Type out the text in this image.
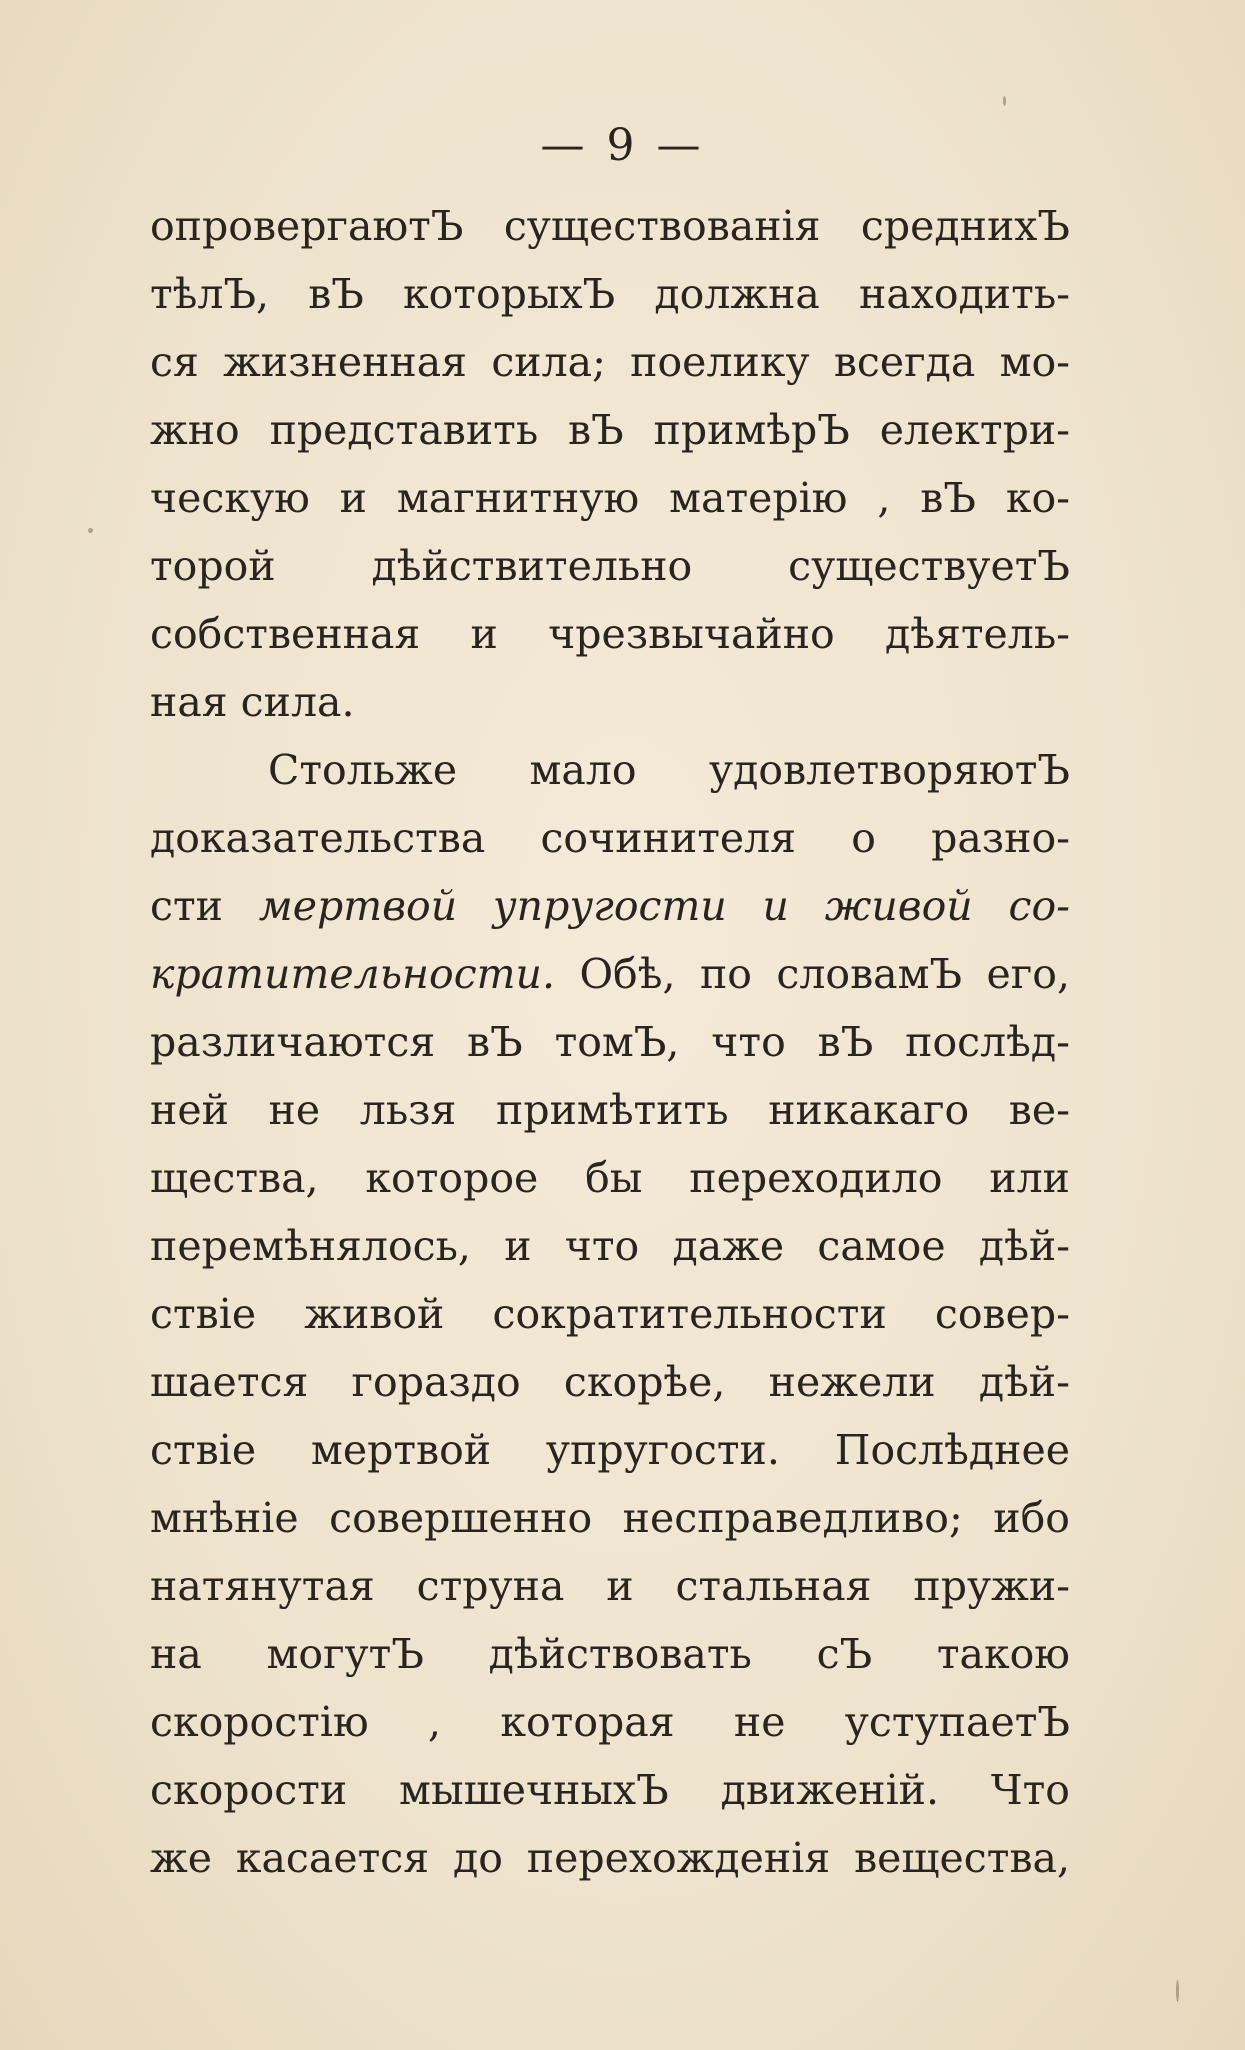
— 9 —
опровергаютЪ существованія среднихЪ
тѣлЪ, вЪ которыхЪ должна находить-
ся жизненная сила; поелику всегда мо-
жно представить вЪ примѣрЪ електри-
ческую и магнитную матерію , вЪ ко-
торой дѣйствительно существуетЪ
собственная и чрезвычайно дѣятель-
ная сила.
Стольже мало удовлетворяютЪ
доказательства сочинителя о разно-
сти мертвой упругости и живой со-
кратительности. Обѣ, по словамЪ его,
различаются вЪ томЪ, что вЪ послѣд-
ней не льзя примѣтить никакаго ве-
щества, которое бы переходило или
перемѣнялось, и что даже самое дѣй-
ствіе живой сократительности совер-
шается гораздо скорѣе, нежели дѣй-
ствіе мертвой упругости. Послѣднее
мнѣніе совершенно несправедливо; ибо
натянутая струна и стальная пружи-
на могутЪ дѣйствовать сЪ такою
скоростію , которая не уступаетЪ
скорости мышечныхЪ движеній. Что
же касается до перехожденія вещества,
